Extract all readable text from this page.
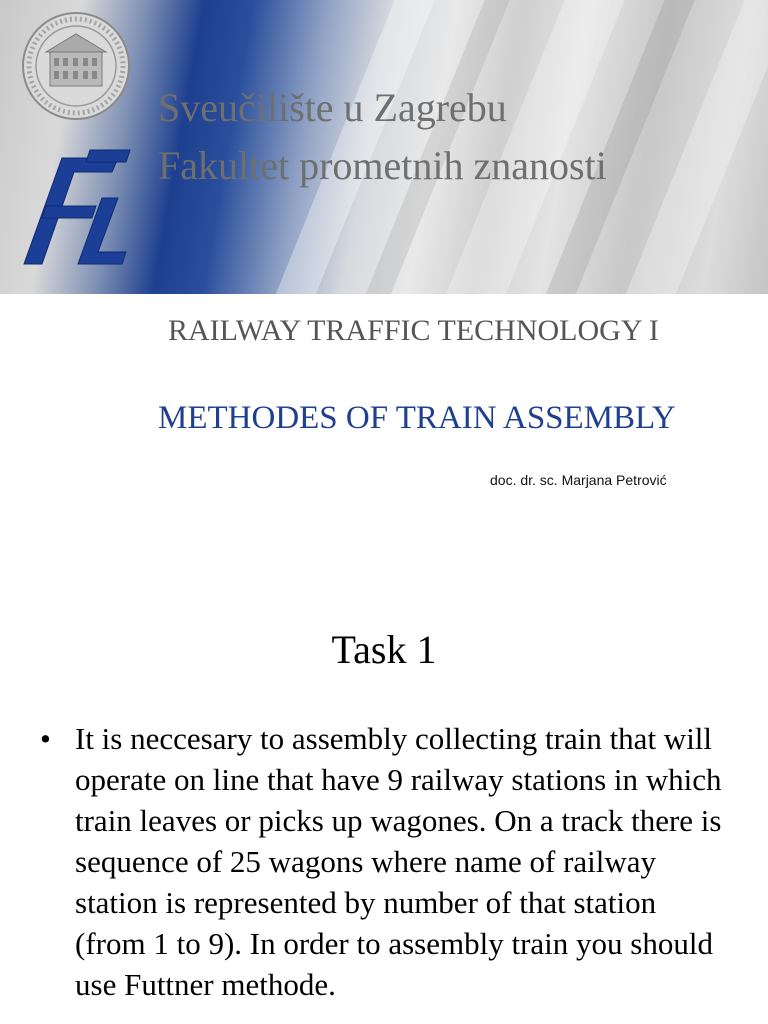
Sveučilište u Zagrebu
Fakultet prometnih znanosti
RAILWAY TRAFFIC TECHNOLOGY I
METHODES OF TRAIN ASSEMBLY
doc. dr. sc. Marjana Petrović
Task 1
• It is neccesary to assembly collecting train that will operate on line that have 9 railway stations in which train leaves or picks up wagones. On a track there is sequence of 25 wagons where name of railway station is represented by number of that station (from 1 to 9). In order to assembly train you should use Futtner methode.
